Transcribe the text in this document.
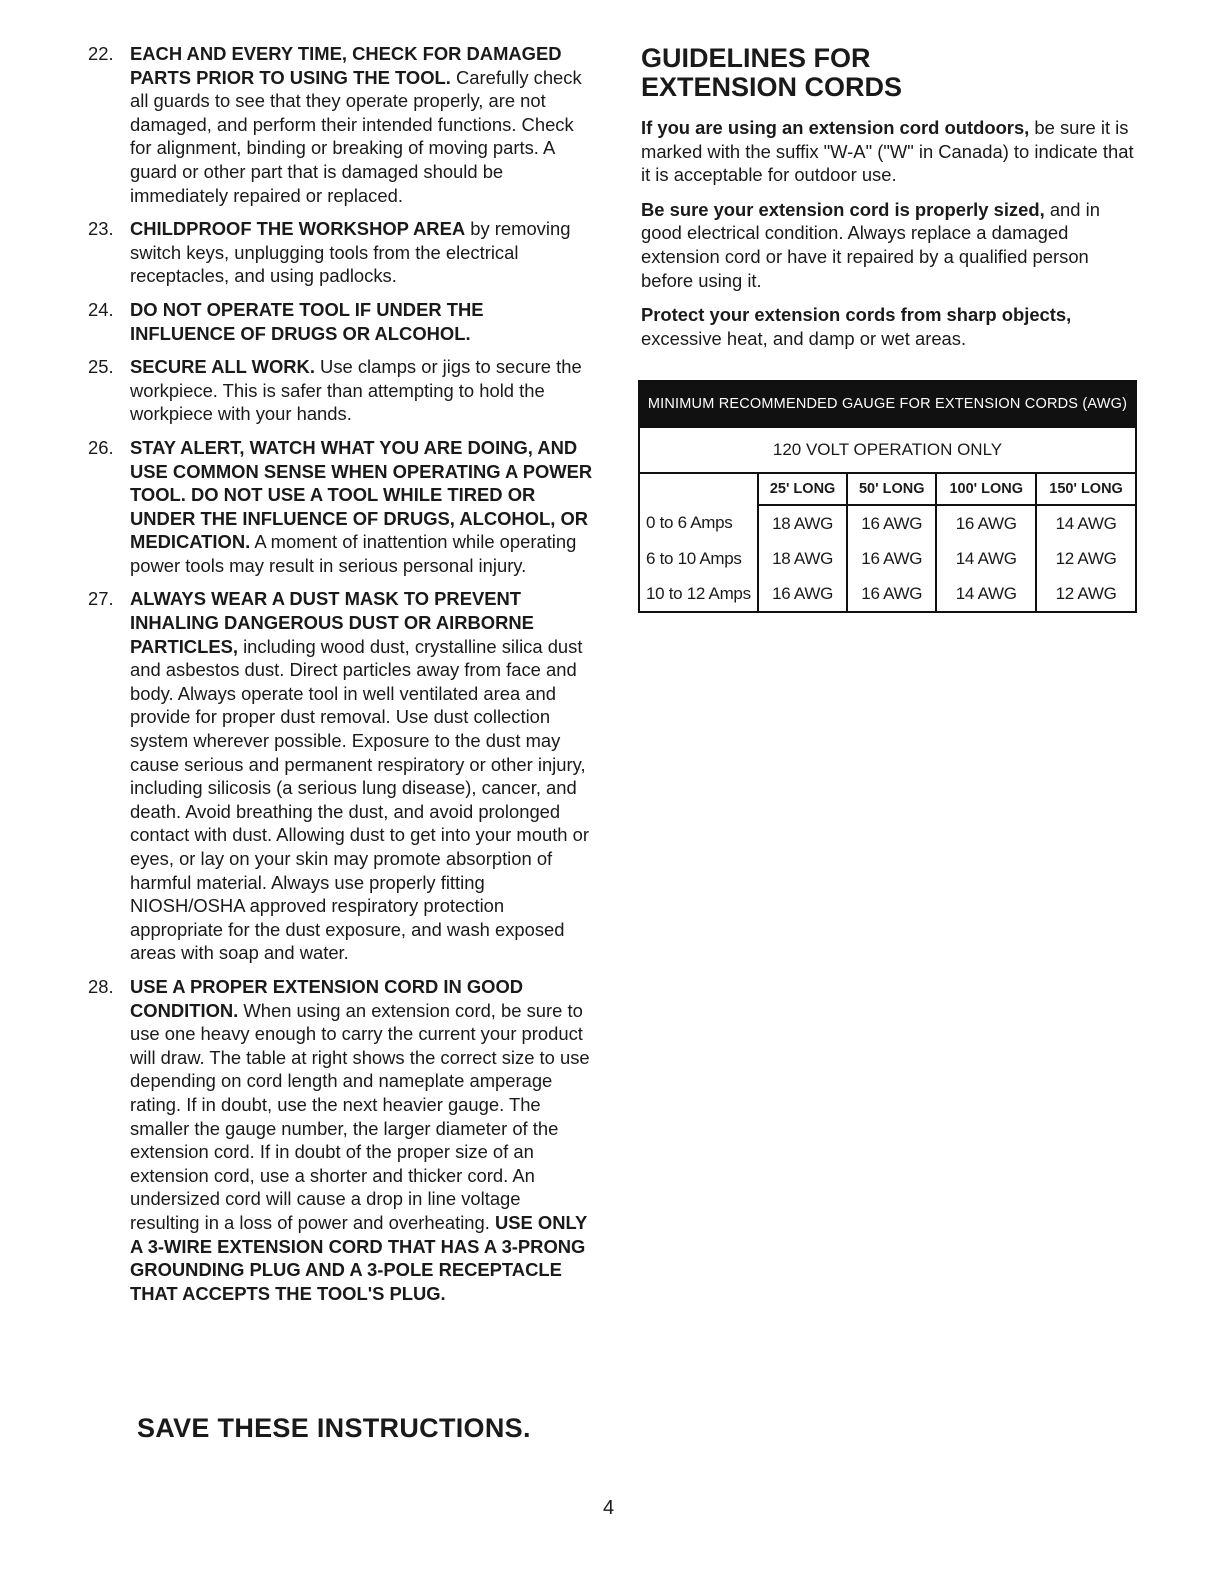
22. EACH AND EVERY TIME, CHECK FOR DAMAGED PARTS PRIOR TO USING THE TOOL. Carefully check all guards to see that they operate properly, are not damaged, and perform their intended functions. Check for alignment, binding or breaking of moving parts. A guard or other part that is damaged should be immediately repaired or replaced.
23. CHILDPROOF THE WORKSHOP AREA by removing switch keys, unplugging tools from the electrical receptacles, and using padlocks.
24. DO NOT OPERATE TOOL IF UNDER THE INFLUENCE OF DRUGS OR ALCOHOL.
25. SECURE ALL WORK. Use clamps or jigs to secure the workpiece. This is safer than attempting to hold the workpiece with your hands.
26. STAY ALERT, WATCH WHAT YOU ARE DOING, AND USE COMMON SENSE WHEN OPERATING A POWER TOOL. DO NOT USE A TOOL WHILE TIRED OR UNDER THE INFLUENCE OF DRUGS, ALCOHOL, OR MEDICATION. A moment of inattention while operating power tools may result in serious personal injury.
27. ALWAYS WEAR A DUST MASK TO PREVENT INHALING DANGEROUS DUST OR AIRBORNE PARTICLES, including wood dust, crystalline silica dust and asbestos dust. Direct particles away from face and body. Always operate tool in well ventilated area and provide for proper dust removal. Use dust collection system wherever possible. Exposure to the dust may cause serious and permanent respiratory or other injury, including silicosis (a serious lung disease), cancer, and death. Avoid breathing the dust, and avoid prolonged contact with dust. Allowing dust to get into your mouth or eyes, or lay on your skin may promote absorption of harmful material. Always use properly fitting NIOSH/OSHA approved respiratory protection appropriate for the dust exposure, and wash exposed areas with soap and water.
28. USE A PROPER EXTENSION CORD IN GOOD CONDITION. When using an extension cord, be sure to use one heavy enough to carry the current your product will draw. The table at right shows the correct size to use depending on cord length and nameplate amperage rating. If in doubt, use the next heavier gauge. The smaller the gauge number, the larger diameter of the extension cord. If in doubt of the proper size of an extension cord, use a shorter and thicker cord. An undersized cord will cause a drop in line voltage resulting in a loss of power and overheating. USE ONLY A 3-WIRE EXTENSION CORD THAT HAS A 3-PRONG GROUNDING PLUG AND A 3-POLE RECEPTACLE THAT ACCEPTS THE TOOL'S PLUG.
SAVE THESE INSTRUCTIONS.
GUIDELINES FOR
EXTENSION CORDS

If you are using an extension cord outdoors, be sure it is marked with the suffix "W-A" ("W" in Canada) to indicate that it is acceptable for outdoor use.

Be sure your extension cord is properly sized, and in good electrical condition. Always replace a damaged extension cord or have it repaired by a qualified person before using it.

Protect your extension cords from sharp objects, excessive heat, and damp or wet areas.

MINIMUM RECOMMENDED GAUGE FOR EXTENSION CORDS (AWG)				
120 VOLT OPERATION ONLY				
	25' LONG	50' LONG	100' LONG	150' LONG
0 to 6 Amps	18 AWG	16 AWG	16 AWG	14 AWG
6 to 10 Amps	18 AWG	16 AWG	14 AWG	12 AWG
10 to 12 Amps	16 AWG	16 AWG	14 AWG	12 AWG
4
